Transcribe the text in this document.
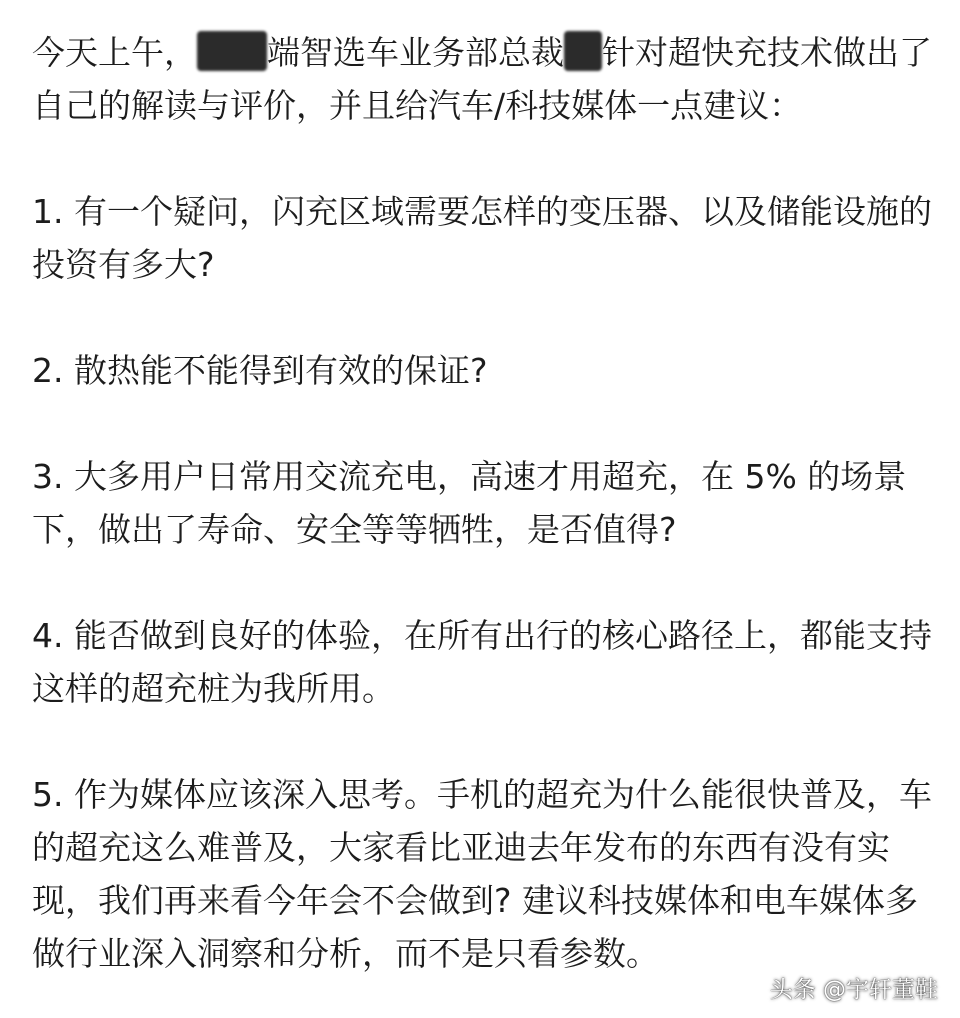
今天上午， 端智选车业务部总裁 针对超快充技术做出了自己的解读与评价，并且给汽车/科技媒体一点建议：

1. 有一个疑问，闪充区域需要怎样的变压器、以及储能设施的投资有多大?

2. 散热能不能得到有效的保证?

3. 大多用户日常用交流充电，高速才用超充，在 5% 的场景下，做出了寿命、安全等等牺牲，是否值得?

4. 能否做到良好的体验，在所有出行的核心路径上，都能支持这样的超充桩为我所用。

5. 作为媒体应该深入思考。手机的超充为什么能很快普及，车的超充这么难普及，大家看比亚迪去年发布的东西有没有实现，我们再来看今年会不会做到? 建议科技媒体和电车媒体多做行业深入洞察和分析，而不是只看参数。

头条 @宇轩董鞋
